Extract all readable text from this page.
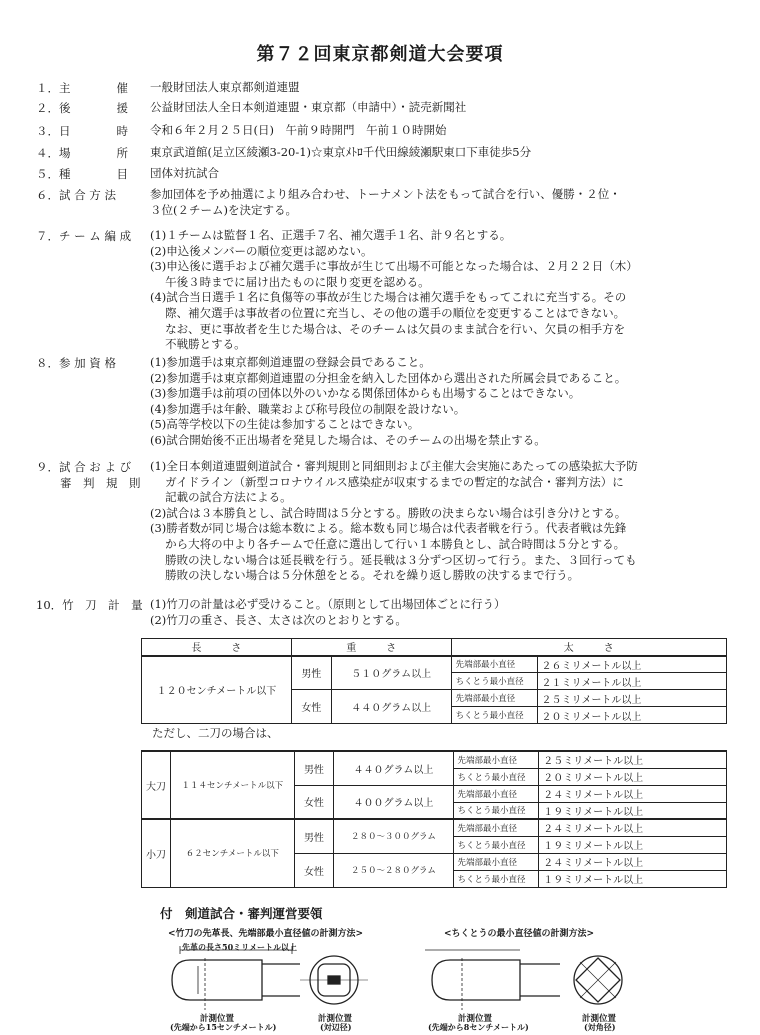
第７２回東京都剣道大会要項
１．主　　　　催	一般財団法人東京都剣道連盟
２．後　　　　援	公益財団法人全日本剣道連盟・東京都（申請中）・読売新聞社
３．日　　　　時	令和６年２月２５日(日)　午前９時開門　午前１０時開始
４．場　　　　所	東京武道館(足立区綾瀬3-20-1)☆東京ﾒﾄﾛ千代田線綾瀬駅東口下車徒歩5分
５．種　　　　目	団体対抗試合
６．試 合 方 法	参加団体を予め抽選により組み合わせ、トーナメント法をもって試合を行い、優勝・２位・
３位(２チーム)を決定する。
７．チ ー ム 編 成	(1)１チームは監督１名、正選手７名、補欠選手１名、計９名とする。
(2)申込後メンバーの順位変更は認めない。
(3)申込後に選手および補欠選手に事故が生じて出場不可能となった場合は、２月２２日（木）
　 午後３時までに届け出たものに限り変更を認める。
(4)試合当日選手１名に負傷等の事故が生じた場合は補欠選手をもってこれに充当する。その
　 際、補欠選手は事故者の位置に充当し、その他の選手の順位を変更することはできない。
　 なお、更に事故者を生じた場合は、そのチームは欠員のまま試合を行い、欠員の相手方を
　 不戦勝とする。
８．参 加 資 格	(1)参加選手は東京都剣道連盟の登録会員であること。
(2)参加選手は東京都剣道連盟の分担金を納入した団体から選出された所属会員であること。
(3)参加選手は前項の団体以外のいかなる関係団体からも出場することはできない。
(4)参加選手は年齢、職業および称号段位の制限を設けない。
(5)高等学校以下の生徒は参加することはできない。
(6)試合開始後不正出場者を発見した場合は、そのチームの出場を禁止する。
９．試 合 お よ び
審　判　規　則
(1)全日本剣道連盟剣道試合・審判規則と同細則および主催大会実施にあたっての感染拡大予防
　 ガイドライン（新型コロナウイルス感染症が収束するまでの暫定的な試合・審判方法）に
　 記載の試合方法による。
(2)試合は３本勝負とし、試合時間は５分とする。勝敗の決まらない場合は引き分けとする。
(3)勝者数が同じ場合は総本数による。総本数も同じ場合は代表者戦を行う。代表者戦は先鋒
　 から大将の中より各チームで任意に選出して行い１本勝負とし、試合時間は５分とする。
　 勝敗の決しない場合は延長戦を行う。延長戦は３分ずつ区切って行う。また、３回行っても
　 勝敗の決しない場合は５分休憩をとる。それを繰り返し勝敗の決するまで行う。
10．竹　刀　計　量 (1)竹刀の計量は必ず受けること。（原則として出場団体ごとに行う）
(2)竹刀の重さ、長さ、太さは次のとおりとする。
長　　　さ	重　　　さ		太　　　さ	
１２０センチメートル以下	男性	５１０グラム以上	先端部最小直径	２６ミリメートル以上
			ちくとう最小直径	２１ミリメートル以上
	女性	４４０グラム以上	先端部最小直径	２５ミリメートル以上
			ちくとう最小直径	２０ミリメートル以上
ただし、二刀の場合は、
大刀	１１４センチメートル以下	男性	４４０グラム以上	先端部最小直径	２５ミリメートル以上
				ちくとう最小直径	２０ミリメートル以上
		女性	４００グラム以上	先端部最小直径	２４ミリメートル以上
				ちくとう最小直径	１９ミリメートル以上
小刀	６２センチメートル以下	男性	２８０～３００グラム	先端部最小直径	２４ミリメートル以上
				ちくとう最小直径	１９ミリメートル以上
		女性	２５０～２８０グラム	先端部最小直径	２４ミリメートル以上
				ちくとう最小直径	１９ミリメートル以上
付　剣道試合・審判運営要領
<竹刀の先革長、先端部最小直径値の計測方法>
先革の長さ50ミリメートル以上
<ちくとうの最小直径値の計測方法>
計測位置
(先端から15センチメートル)
計測位置
(対辺径)
計測位置
(先端から8センチメートル)
計測位置
(対角径)
